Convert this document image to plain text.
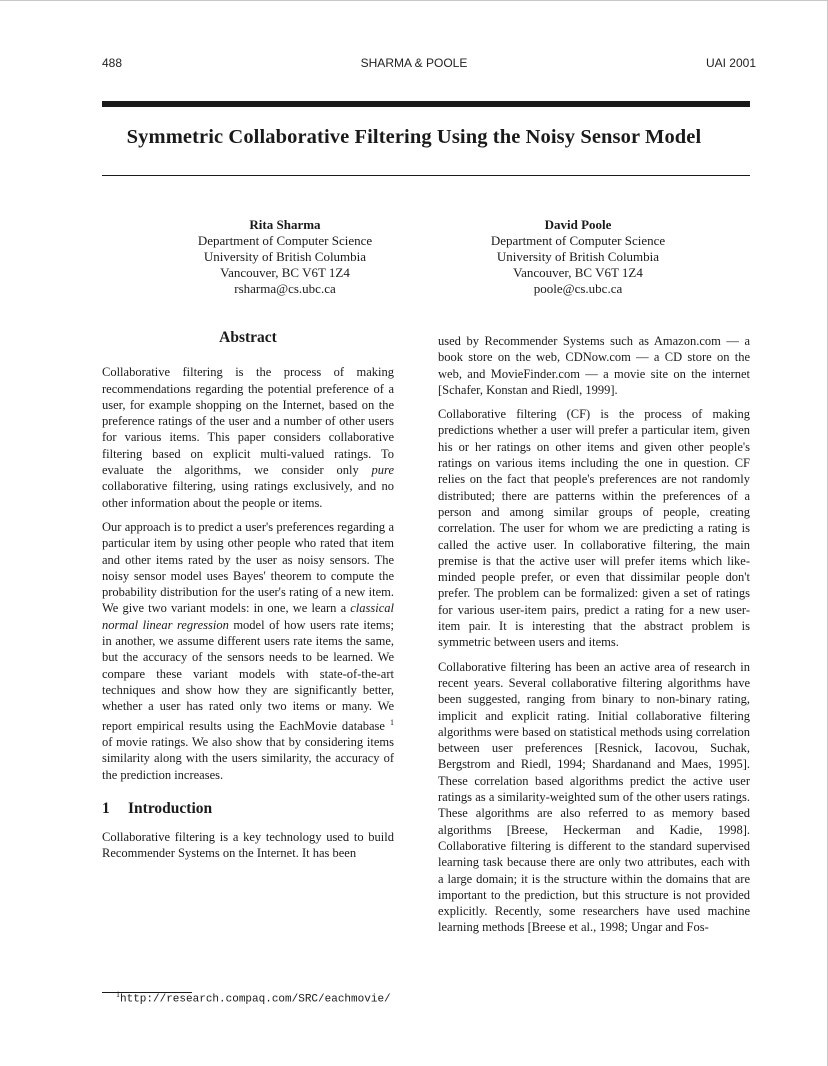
488	SHARMA & POOLE	UAI 2001
Symmetric Collaborative Filtering Using the Noisy Sensor Model
Rita Sharma
Department of Computer Science
University of British Columbia
Vancouver, BC V6T 1Z4
rsharma@cs.ubc.ca
David Poole
Department of Computer Science
University of British Columbia
Vancouver, BC V6T 1Z4
poole@cs.ubc.ca
Abstract

Collaborative filtering is the process of making recommendations regarding the potential preference of a user, for example shopping on the Internet, based on the preference ratings of the user and a number of other users for various items. This paper considers collaborative filtering based on explicit multi-valued ratings. To evaluate the algorithms, we consider only pure collaborative filtering, using ratings exclusively, and no other information about the people or items.

Our approach is to predict a user's preferences regarding a particular item by using other people who rated that item and other items rated by the user as noisy sensors. The noisy sensor model uses Bayes' theorem to compute the probability distribution for the user's rating of a new item. We give two variant models: in one, we learn a classical normal linear regression model of how users rate items; in another, we assume different users rate items the same, but the accuracy of the sensors needs to be learned. We compare these variant models with state-of-the-art techniques and show how they are significantly better, whether a user has rated only two items or many. We report empirical results using the EachMovie database $^1$ of movie ratings. We also show that by considering items similarity along with the users similarity, the accuracy of the prediction increases.

1 Introduction

Collaborative filtering is a key technology used to build Recommender Systems on the Internet. It has been

used by Recommender Systems such as Amazon.com — a book store on the web, CDNow.com — a CD store on the web, and MovieFinder.com — a movie site on the internet [Schafer, Konstan and Riedl, 1999].

Collaborative filtering (CF) is the process of making predictions whether a user will prefer a particular item, given his or her ratings on other items and given other people's ratings on various items including the one in question. CF relies on the fact that people's preferences are not randomly distributed; there are patterns within the preferences of a person and among similar groups of people, creating correlation. The user for whom we are predicting a rating is called the active user. In collaborative filtering, the main premise is that the active user will prefer items which like-minded people prefer, or even that dissimilar people don't prefer. The problem can be formalized: given a set of ratings for various user-item pairs, predict a rating for a new user-item pair. It is interesting that the abstract problem is symmetric between users and items.

Collaborative filtering has been an active area of research in recent years. Several collaborative filtering algorithms have been suggested, ranging from binary to non-binary rating, implicit and explicit rating. Initial collaborative filtering algorithms were based on statistical methods using correlation between user preferences [Resnick, Iacovou, Suchak, Bergstrom and Riedl, 1994; Shardanand and Maes, 1995]. These correlation based algorithms predict the active user ratings as a similarity-weighted sum of the other users ratings. These algorithms are also referred to as memory based algorithms [Breese, Heckerman and Kadie, 1998]. Collaborative filtering is different to the standard supervised learning task because there are only two attributes, each with a large domain; it is the structure within the domains that are important to the prediction, but this structure is not provided explicitly. Recently, some researchers have used machine learning methods [Breese et al., 1998; Ungar and Fos-

$^1$http://research.compaq.com/SRC/eachmovie/
